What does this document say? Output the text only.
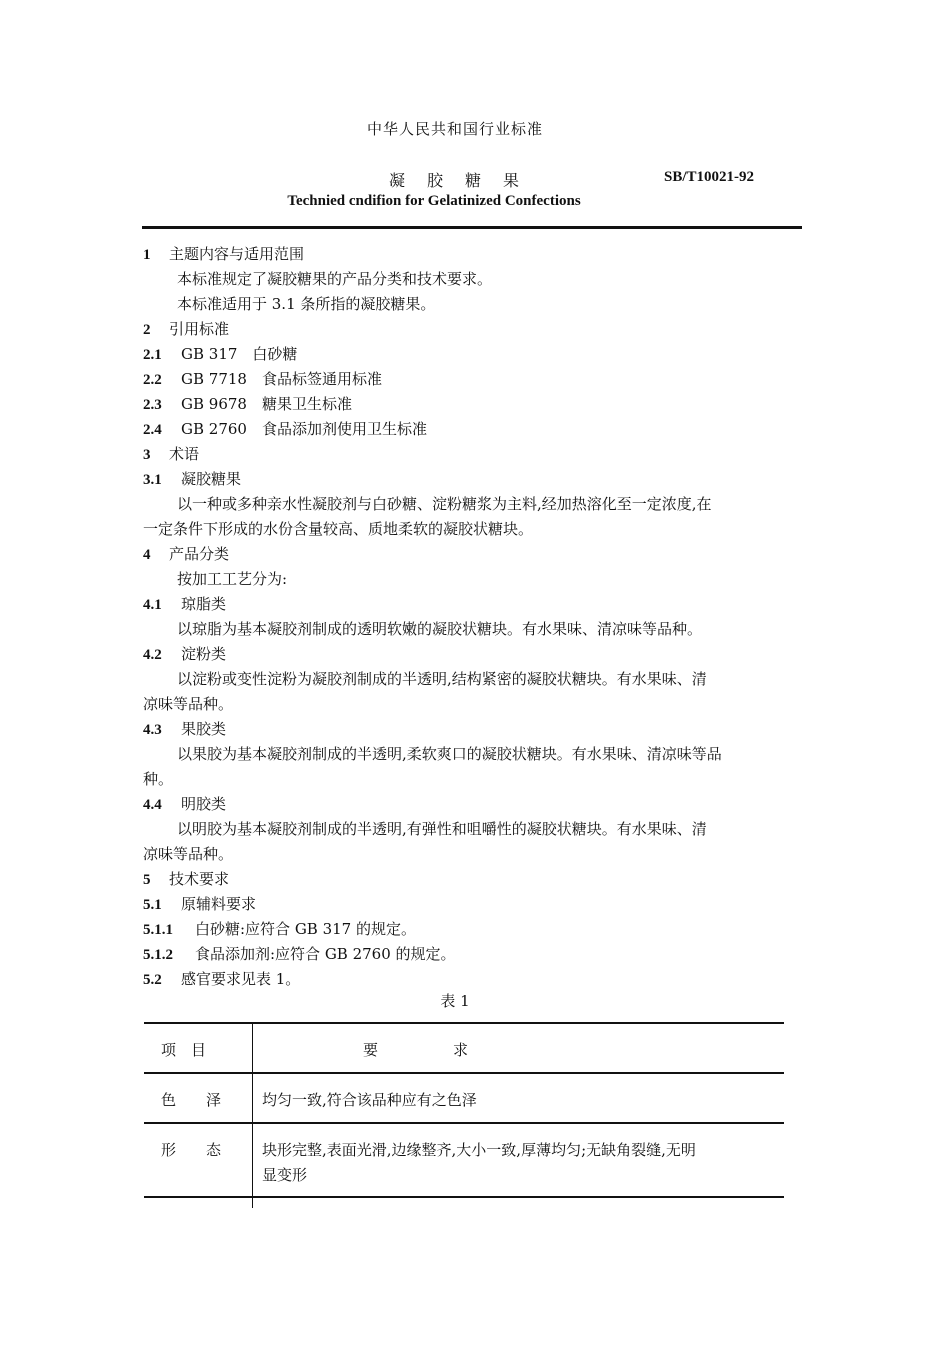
中华人民共和国行业标准
凝胶糖果	SB/T10021-92
Technied cndifion for Gelatinized Confections
1 主题内容与适用范围
本标准规定了凝胶糖果的产品分类和技术要求。
本标准适用于 3.1 条所指的凝胶糖果。
2 引用标准
2.1 GB 317　白砂糖
2.2 GB 7718　食品标签通用标准
2.3 GB 9678　糖果卫生标准
2.4 GB 2760　食品添加剂使用卫生标准
3 术语
3.1 凝胶糖果
以一种或多种亲水性凝胶剂与白砂糖、淀粉糖浆为主料,经加热溶化至一定浓度,在
一定条件下形成的水份含量较高、质地柔软的凝胶状糖块。
4 产品分类
按加工工艺分为:
4.1 琼脂类
以琼脂为基本凝胶剂制成的透明软嫩的凝胶状糖块。有水果味、清凉味等品种。
4.2 淀粉类
以淀粉或变性淀粉为凝胶剂制成的半透明,结构紧密的凝胶状糖块。有水果味、清
凉味等品种。
4.3 果胶类
以果胶为基本凝胶剂制成的半透明,柔软爽口的凝胶状糖块。有水果味、清凉味等品
种。
4.4 明胶类
以明胶为基本凝胶剂制成的半透明,有弹性和咀嚼性的凝胶状糖块。有水果味、清
凉味等品种。
5 技术要求
5.1 原辅料要求
5.1.1 白砂糖:应符合 GB 317 的规定。
5.1.2 食品添加剂:应符合 GB 2760 的规定。
5.2 感官要求见表 1。
表 1
项　目	要　　　　　求
色　　泽	均匀一致,符合该品种应有之色泽
形　　态	块形完整,表面光滑,边缘整齐,大小一致,厚薄均匀;无缺角裂缝,无明
显变形
